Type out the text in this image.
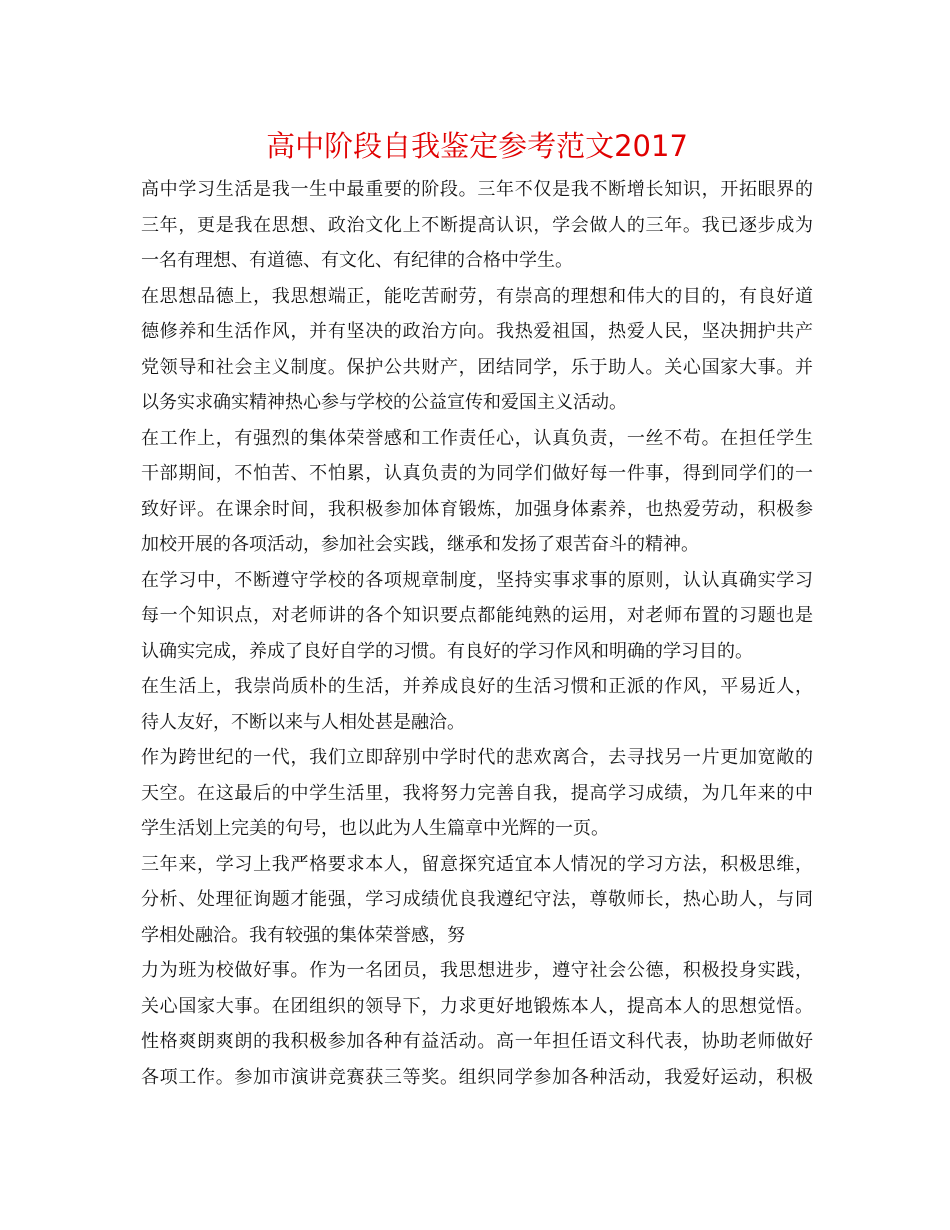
高中阶段自我鉴定参考范文2017
高中学习生活是我一生中最重要的阶段。三年不仅是我不断增长知识，开拓眼界的
三年，更是我在思想、政治文化上不断提高认识，学会做人的三年。我已逐步成为
一名有理想、有道德、有文化、有纪律的合格中学生。
在思想品德上，我思想端正，能吃苦耐劳，有崇高的理想和伟大的目的，有良好道
德修养和生活作风，并有坚决的政治方向。我热爱祖国，热爱人民，坚决拥护共产
党领导和社会主义制度。保护公共财产，团结同学，乐于助人。关心国家大事。并
以务实求确实精神热心参与学校的公益宣传和爱国主义活动。
在工作上，有强烈的集体荣誉感和工作责任心，认真负责，一丝不苟。在担任学生
干部期间，不怕苦、不怕累，认真负责的为同学们做好每一件事，得到同学们的一
致好评。在课余时间，我积极参加体育锻炼，加强身体素养，也热爱劳动，积极参
加校开展的各项活动，参加社会实践，继承和发扬了艰苦奋斗的精神。
在学习中，不断遵守学校的各项规章制度，坚持实事求事的原则，认认真确实学习
每一个知识点，对老师讲的各个知识要点都能纯熟的运用，对老师布置的习题也是
认确实完成，养成了良好自学的习惯。有良好的学习作风和明确的学习目的。
在生活上，我崇尚质朴的生活，并养成良好的生活习惯和正派的作风，平易近人，
待人友好，不断以来与人相处甚是融洽。
作为跨世纪的一代，我们立即辞别中学时代的悲欢离合，去寻找另一片更加宽敞的
天空。在这最后的中学生活里，我将努力完善自我，提高学习成绩，为几年来的中
学生活划上完美的句号，也以此为人生篇章中光辉的一页。
三年来，学习上我严格要求本人，留意探究适宜本人情况的学习方法，积极思维，
分析、处理征询题才能强，学习成绩优良我遵纪守法，尊敬师长，热心助人，与同
学相处融洽。我有较强的集体荣誉感，努
力为班为校做好事。作为一名团员，我思想进步，遵守社会公德，积极投身实践，
关心国家大事。在团组织的领导下，力求更好地锻炼本人，提高本人的思想觉悟。
性格爽朗爽朗的我积极参加各种有益活动。高一年担任语文科代表，协助老师做好
各项工作。参加市演讲竞赛获三等奖。组织同学参加各种活动，我爱好运动，积极
